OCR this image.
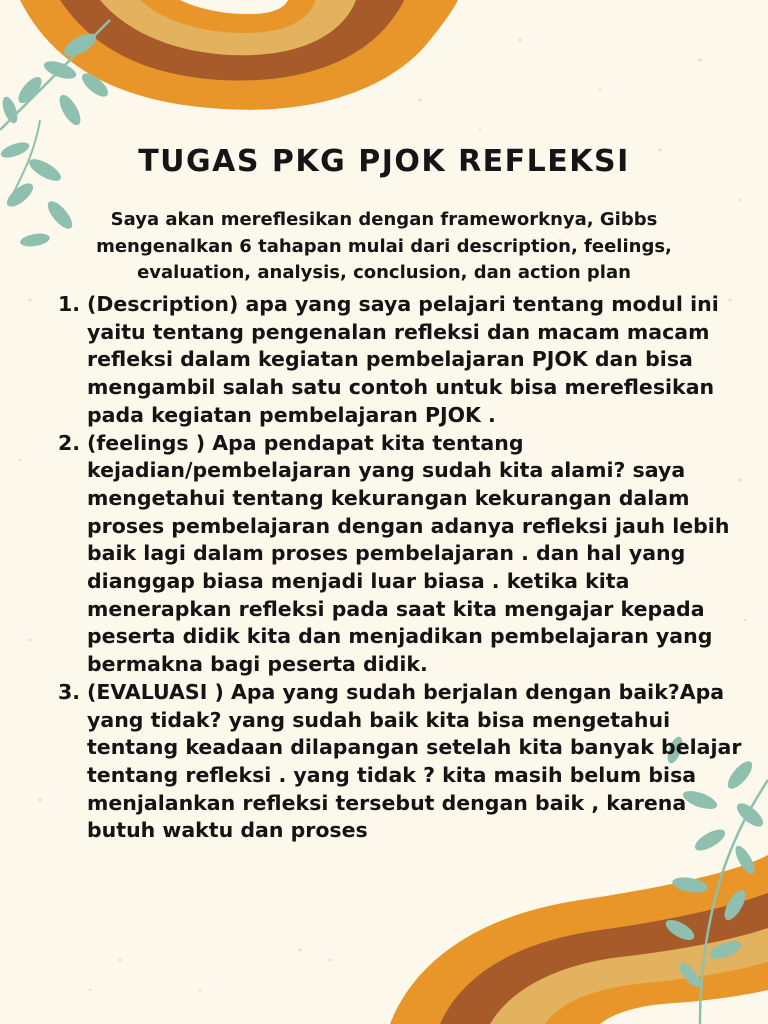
TUGAS PKG PJOK REFLEKSI
Saya akan mereflesikan dengan frameworknya, Gibbs mengenalkan 6 tahapan mulai dari description, feelings, evaluation, analysis, conclusion, dan action plan
1. (Description) apa yang saya pelajari tentang modul ini yaitu tentang pengenalan refleksi dan macam macam refleksi dalam kegiatan pembelajaran PJOK dan bisa mengambil salah satu contoh untuk bisa mereflesikan pada kegiatan pembelajaran PJOK .
2. (feelings ) Apa pendapat kita tentang kejadian/pembelajaran yang sudah kita alami? saya mengetahui tentang kekurangan kekurangan dalam proses pembelajaran dengan adanya refleksi jauh lebih baik lagi dalam proses pembelajaran . dan hal yang dianggap biasa menjadi luar biasa . ketika kita menerapkan refleksi pada saat kita mengajar kepada peserta didik kita dan menjadikan pembelajaran yang bermakna bagi peserta didik.
3. (EVALUASI ) Apa yang sudah berjalan dengan baik?Apa yang tidak? yang sudah baik kita bisa mengetahui tentang keadaan dilapangan setelah kita banyak belajar tentang refleksi . yang tidak ? kita masih belum bisa menjalankan refleksi tersebut dengan baik , karena butuh waktu dan proses
